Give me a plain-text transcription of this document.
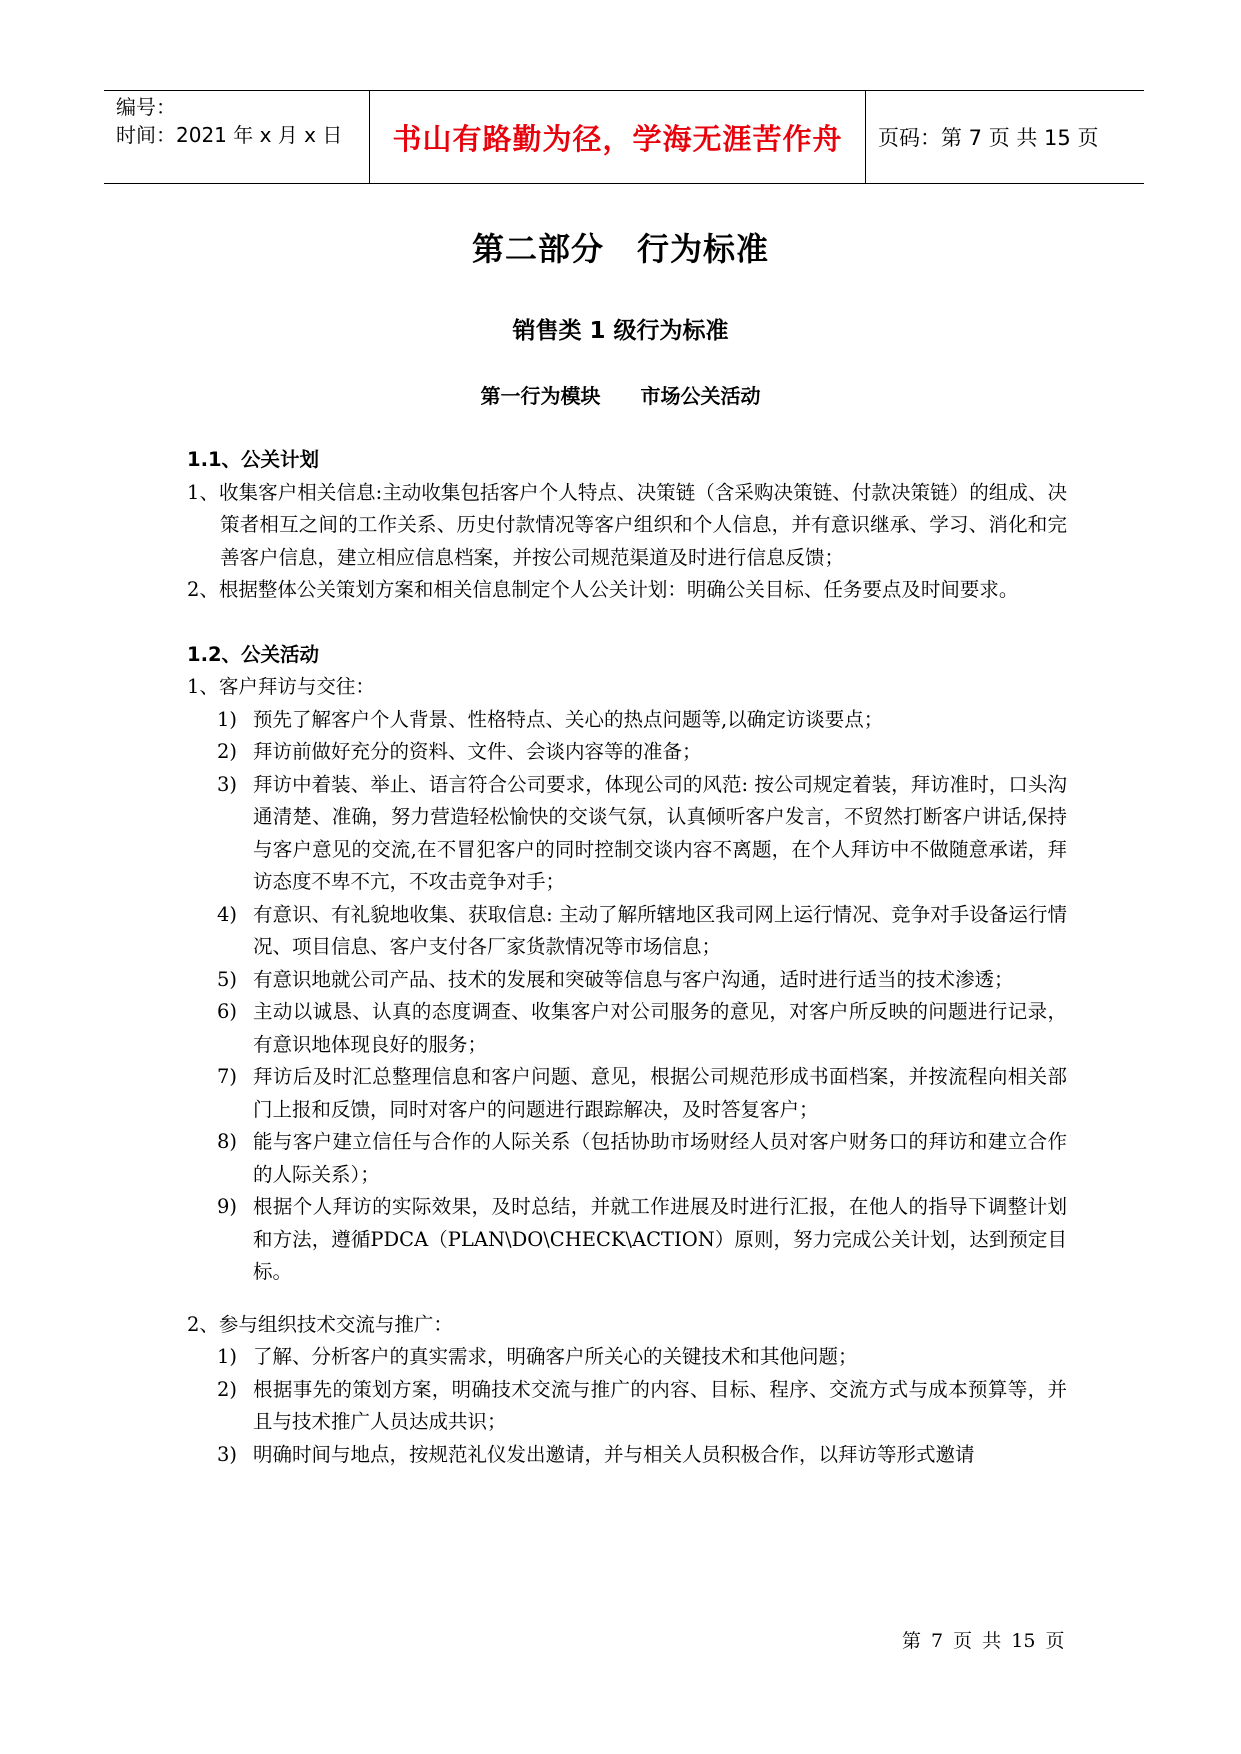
编号：
时间：2021 年 x 月 x 日	书山有路勤为径，学海无涯苦作舟 页码：第 7 页 共 15 页
第二部分　行为标准
销售类 1 级行为标准
第一行为模块　　市场公关活动

1.1、公关计划

1、收集客户相关信息:主动收集包括客户个人特点、决策链（含采购决策链、付款决策链）的组成、决策者相互之间的工作关系、历史付款情况等客户组织和个人信息，并有意识继承、学习、消化和完善客户信息，建立相应信息档案，并按公司规范渠道及时进行信息反馈；

2、根据整体公关策划方案和相关信息制定个人公关计划：明确公关目标、任务要点及时间要求。

1.2、公关活动

1、客户拜访与交往：

1) 预先了解客户个人背景、性格特点、关心的热点问题等,以确定访谈要点；
2) 拜访前做好充分的资料、文件、会谈内容等的准备；
3) 拜访中着装、举止、语言符合公司要求，体现公司的风范: 按公司规定着装，拜访准时，口头沟通清楚、准确，努力营造轻松愉快的交谈气氛，认真倾听客户发言，不贸然打断客户讲话,保持与客户意见的交流,在不冒犯客户的同时控制交谈内容不离题，在个人拜访中不做随意承诺，拜访态度不卑不亢，不攻击竞争对手；
4) 有意识、有礼貌地收集、获取信息: 主动了解所辖地区我司网上运行情况、竞争对手设备运行情况、项目信息、客户支付各厂家货款情况等市场信息；
5) 有意识地就公司产品、技术的发展和突破等信息与客户沟通，适时进行适当的技术渗透；
6) 主动以诚恳、认真的态度调查、收集客户对公司服务的意见，对客户所反映的问题进行记录，有意识地体现良好的服务；
7) 拜访后及时汇总整理信息和客户问题、意见，根据公司规范形成书面档案，并按流程向相关部门上报和反馈，同时对客户的问题进行跟踪解决，及时答复客户；
8) 能与客户建立信任与合作的人际关系（包括协助市场财经人员对客户财务口的拜访和建立合作的人际关系）；
9) 根据个人拜访的实际效果，及时总结，并就工作进展及时进行汇报，在他人的指导下调整计划和方法，遵循PDCA（PLAN\DO\CHECK\ACTION）原则，努力完成公关计划，达到预定目标。

2、参与组织技术交流与推广：

1) 了解、分析客户的真实需求，明确客户所关心的关键技术和其他问题；
2) 根据事先的策划方案，明确技术交流与推广的内容、目标、程序、交流方式与成本预算等，并且与技术推广人员达成共识；
3) 明确时间与地点，按规范礼仪发出邀请，并与相关人员积极合作，以拜访等形式邀请
第 7 页 共 15 页
